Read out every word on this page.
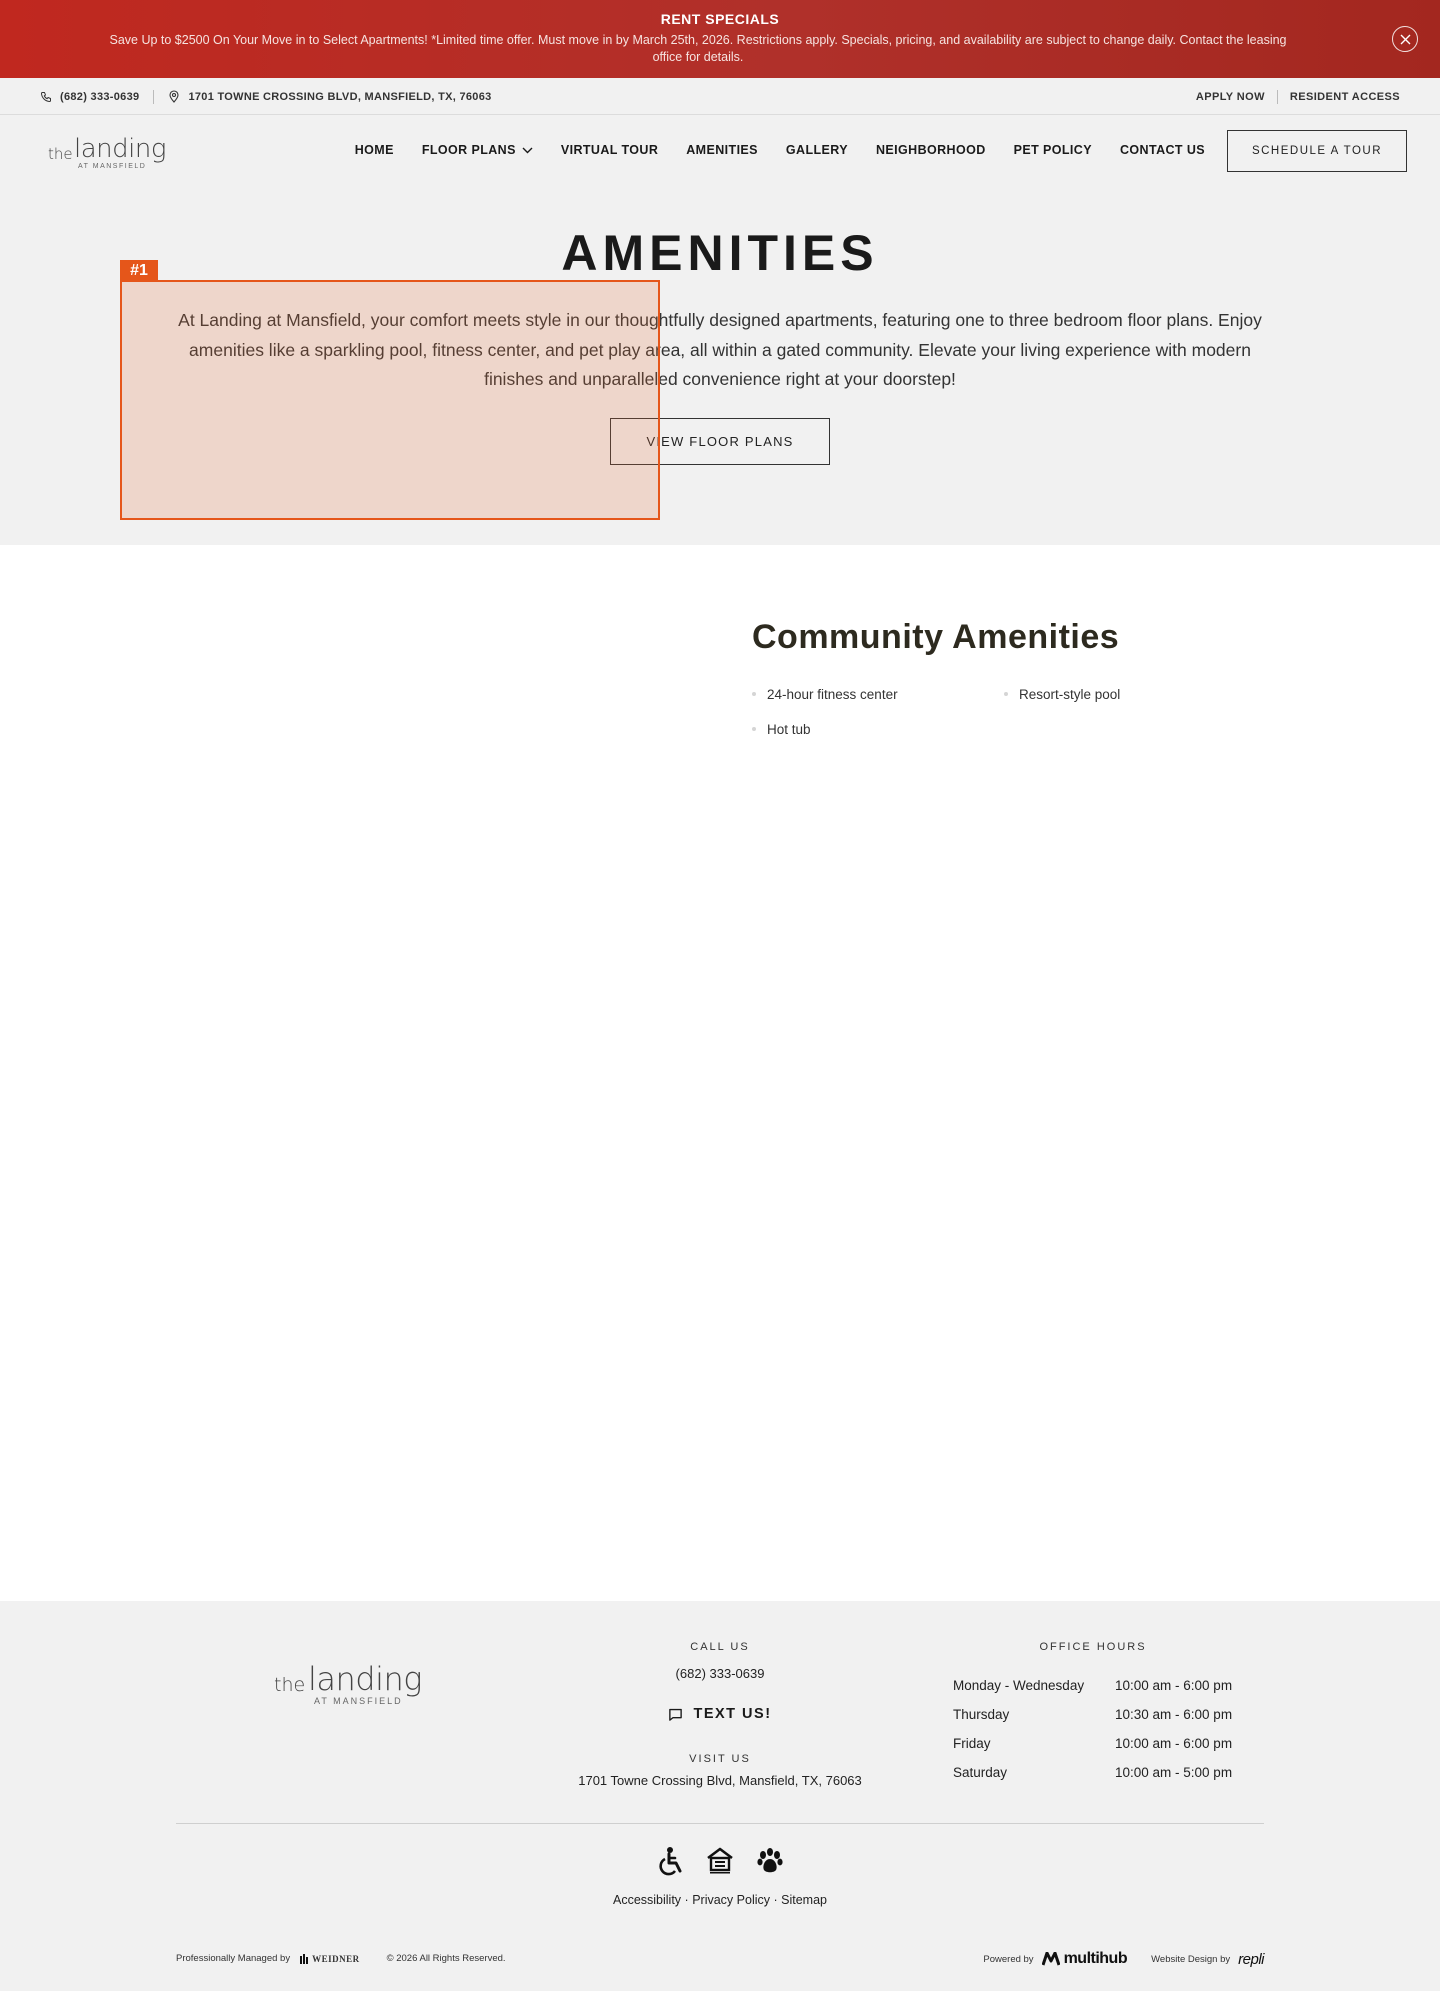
RENT SPECIALS
Save Up to $2500 On Your Move in to Select Apartments! *Limited time offer. Must move in by March 25th, 2026. Restrictions apply. Specials, pricing, and availability are subject to change daily. Contact the leasing office for details.
(682) 333-0639	1701 TOWNE CROSSING BLVD, MANSFIELD, TX, 76063	APPLY NOW RESIDENT ACCESS
the landing
AT MANSFIELD
HOME FLOOR PLANS	VIRTUAL TOUR AMENITIES GALLERY NEIGHBORHOOD PET POLICY CONTACT US	SCHEDULE A TOUR
AMENITIES

At Landing at Mansfield, your comfort meets style in our thoughtfully designed apartments, featuring one to three bedroom floor plans. Enjoy amenities like a sparkling pool, fitness center, and pet play area, all within a gated community. Elevate your living experience with modern finishes and unparalleled convenience right at your doorstep!

VIEW FLOOR PLANS
#1
Community Amenities
24-hour fitness center	Resort-style pool
Hot tub
the landing
AT MANSFIELD
CALL US
(682) 333-0639
TEXT US!
VISIT US
1701 Towne Crossing Blvd, Mansfield, TX, 76063
OFFICE HOURS
Monday - Wednesday	10:00 am - 6:00 pm
Thursday	10:30 am - 6:00 pm
Friday	10:00 am - 6:00 pm
Saturday	10:00 am - 5:00 pm
Accessibility · Privacy Policy · Sitemap
Professionally Managed by WEIDNER	© 2026 All Rights Reserved.	Powered by multihub	Website Design by repli
